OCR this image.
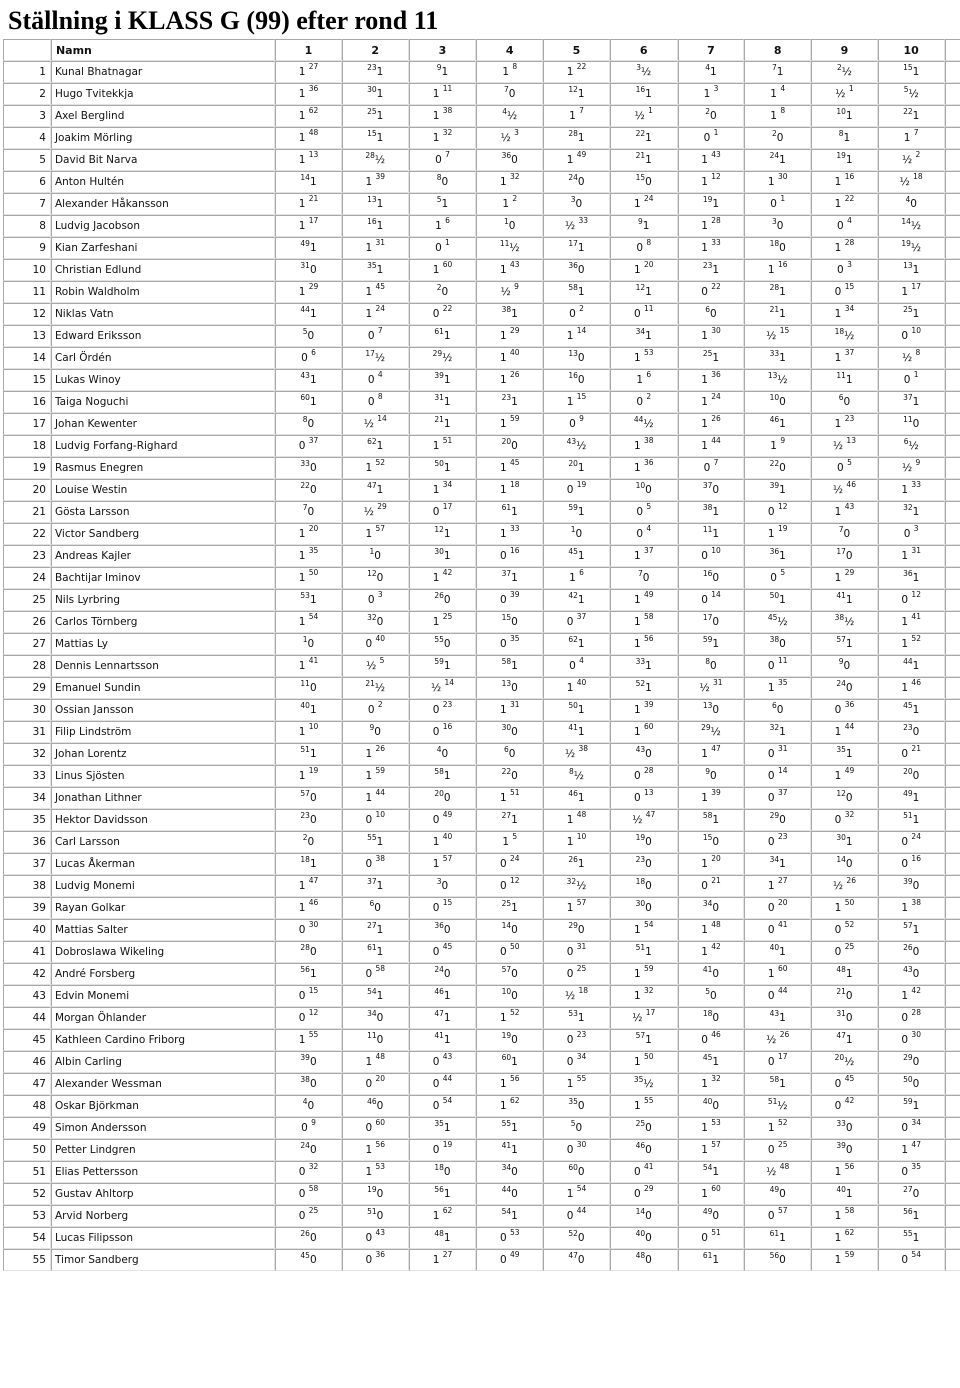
Ställning i KLASS G (99) efter rond 11
	Namn	1	2	3	4	5	6	7	8	9	10	
1	Kunal Bhatnagar	1 $^{27}$	$^{23}$1	$^9$1	1 $^8$	1 $^{22}$	$^3$½	$^4$1	$^7$1	$^2$½	$^{15}$1	
2	Hugo Tvitekkja	1 $^{36}$	$^{30}$1	1 $^{11}$	$^7$0	$^{12}$1	$^{16}$1	1 $^3$	1 $^4$	½ $^1$	$^5$½	
3	Axel Berglind	1 $^{62}$	$^{25}$1	1 $^{38}$	$^4$½	1 $^7$	½ $^1$	$^2$0	1 $^8$	$^{10}$1	$^{22}$1	
4	Joakim Mörling	1 $^{48}$	$^{15}$1	1 $^{32}$	½ $^3$	$^{28}$1	$^{22}$1	0 $^1$	$^2$0	$^8$1	1 $^7$	
5	David Bit Narva	1 $^{13}$	$^{28}$½	0 $^7$	$^{36}$0	1 $^{49}$	$^{21}$1	1 $^{43}$	$^{24}$1	$^{19}$1	½ $^2$	
6	Anton Hultén	$^{14}$1	1 $^{39}$	$^8$0	1 $^{32}$	$^{24}$0	$^{15}$0	1 $^{12}$	1 $^{30}$	1 $^{16}$	½ $^{18}$	
7	Alexander Håkansson	1 $^{21}$	$^{13}$1	$^5$1	1 $^2$	$^3$0	1 $^{24}$	$^{19}$1	0 $^1$	1 $^{22}$	$^4$0	
8	Ludvig Jacobson	1 $^{17}$	$^{16}$1	1 $^6$	$^1$0	½ $^{33}$	$^9$1	1 $^{28}$	$^3$0	0 $^4$	$^{14}$½	
9	Kian Zarfeshani	$^{49}$1	1 $^{31}$	0 $^1$	$^{11}$½	$^{17}$1	0 $^8$	1 $^{33}$	$^{18}$0	1 $^{28}$	$^{19}$½	
10	Christian Edlund	$^{31}$0	$^{35}$1	1 $^{60}$	1 $^{43}$	$^{36}$0	1 $^{20}$	$^{23}$1	1 $^{16}$	0 $^3$	$^{13}$1	
11	Robin Waldholm	1 $^{29}$	1 $^{45}$	$^2$0	½ $^9$	$^{58}$1	$^{12}$1	0 $^{22}$	$^{28}$1	0 $^{15}$	1 $^{17}$	
12	Niklas Vatn	$^{44}$1	1 $^{24}$	0 $^{22}$	$^{38}$1	0 $^2$	0 $^{11}$	$^6$0	$^{21}$1	1 $^{34}$	$^{25}$1	
13	Edward Eriksson	$^5$0	0 $^7$	$^{61}$1	1 $^{29}$	1 $^{14}$	$^{34}$1	1 $^{30}$	½ $^{15}$	$^{18}$½	0 $^{10}$	
14	Carl Ördén	0 $^6$	$^{17}$½	$^{29}$½	1 $^{40}$	$^{13}$0	1 $^{53}$	$^{25}$1	$^{33}$1	1 $^{37}$	½ $^8$	
15	Lukas Winoy	$^{43}$1	0 $^4$	$^{39}$1	1 $^{26}$	$^{16}$0	1 $^6$	1 $^{36}$	$^{13}$½	$^{11}$1	0 $^1$	
16	Taiga Noguchi	$^{60}$1	0 $^8$	$^{31}$1	$^{23}$1	1 $^{15}$	0 $^2$	1 $^{24}$	$^{10}$0	$^6$0	$^{37}$1	
17	Johan Kewenter	$^8$0	½ $^{14}$	$^{21}$1	1 $^{59}$	0 $^9$	$^{44}$½	1 $^{26}$	$^{46}$1	1 $^{23}$	$^{11}$0	
18	Ludvig Forfang-Righard	0 $^{37}$	$^{62}$1	1 $^{51}$	$^{20}$0	$^{43}$½	1 $^{38}$	1 $^{44}$	1 $^9$	½ $^{13}$	$^6$½	
19	Rasmus Enegren	$^{33}$0	1 $^{52}$	$^{50}$1	1 $^{45}$	$^{20}$1	1 $^{36}$	0 $^7$	$^{22}$0	0 $^5$	½ $^9$	
20	Louise Westin	$^{22}$0	$^{47}$1	1 $^{34}$	1 $^{18}$	0 $^{19}$	$^{10}$0	$^{37}$0	$^{39}$1	½ $^{46}$	1 $^{33}$	
21	Gösta Larsson	$^7$0	½ $^{29}$	0 $^{17}$	$^{61}$1	$^{59}$1	0 $^5$	$^{38}$1	0 $^{12}$	1 $^{43}$	$^{32}$1	
22	Victor Sandberg	1 $^{20}$	1 $^{57}$	$^{12}$1	1 $^{33}$	$^1$0	0 $^4$	$^{11}$1	1 $^{19}$	$^7$0	0 $^3$	
23	Andreas Kajler	1 $^{35}$	$^1$0	$^{30}$1	0 $^{16}$	$^{45}$1	1 $^{37}$	0 $^{10}$	$^{36}$1	$^{17}$0	1 $^{31}$	
24	Bachtijar Iminov	1 $^{50}$	$^{12}$0	1 $^{42}$	$^{37}$1	1 $^6$	$^7$0	$^{16}$0	0 $^5$	1 $^{29}$	$^{36}$1	
25	Nils Lyrbring	$^{53}$1	0 $^3$	$^{26}$0	0 $^{39}$	$^{42}$1	1 $^{49}$	0 $^{14}$	$^{50}$1	$^{41}$1	0 $^{12}$	
26	Carlos Törnberg	1 $^{54}$	$^{32}$0	1 $^{25}$	$^{15}$0	0 $^{37}$	1 $^{58}$	$^{17}$0	$^{45}$½	$^{38}$½	1 $^{41}$	
27	Mattias Ly	$^1$0	0 $^{40}$	$^{55}$0	0 $^{35}$	$^{62}$1	1 $^{56}$	$^{59}$1	$^{38}$0	$^{57}$1	1 $^{52}$	
28	Dennis Lennartsson	1 $^{41}$	½ $^5$	$^{59}$1	$^{58}$1	0 $^4$	$^{33}$1	$^8$0	0 $^{11}$	$^9$0	$^{44}$1	
29	Emanuel Sundin	$^{11}$0	$^{21}$½	½ $^{14}$	$^{13}$0	1 $^{40}$	$^{52}$1	½ $^{31}$	1 $^{35}$	$^{24}$0	1 $^{46}$	
30	Ossian Jansson	$^{40}$1	0 $^2$	0 $^{23}$	1 $^{31}$	$^{50}$1	1 $^{39}$	$^{13}$0	$^6$0	0 $^{36}$	$^{45}$1	
31	Filip Lindström	1 $^{10}$	$^9$0	0 $^{16}$	$^{30}$0	$^{41}$1	1 $^{60}$	$^{29}$½	$^{32}$1	1 $^{44}$	$^{23}$0	
32	Johan Lorentz	$^{51}$1	1 $^{26}$	$^4$0	$^6$0	½ $^{38}$	$^{43}$0	1 $^{47}$	0 $^{31}$	$^{35}$1	0 $^{21}$	
33	Linus Sjösten	1 $^{19}$	1 $^{59}$	$^{58}$1	$^{22}$0	$^8$½	0 $^{28}$	$^9$0	0 $^{14}$	1 $^{49}$	$^{20}$0	
34	Jonathan Lithner	$^{57}$0	1 $^{44}$	$^{20}$0	1 $^{51}$	$^{46}$1	0 $^{13}$	1 $^{39}$	0 $^{37}$	$^{12}$0	$^{49}$1	
35	Hektor Davidsson	$^{23}$0	0 $^{10}$	0 $^{49}$	$^{27}$1	1 $^{48}$	½ $^{47}$	$^{58}$1	$^{29}$0	0 $^{32}$	$^{51}$1	
36	Carl Larsson	$^2$0	$^{55}$1	1 $^{40}$	1 $^5$	1 $^{10}$	$^{19}$0	$^{15}$0	0 $^{23}$	$^{30}$1	0 $^{24}$	
37	Lucas Åkerman	$^{18}$1	0 $^{38}$	1 $^{57}$	0 $^{24}$	$^{26}$1	$^{23}$0	1 $^{20}$	$^{34}$1	$^{14}$0	0 $^{16}$	
38	Ludvig Monemi	1 $^{47}$	$^{37}$1	$^3$0	0 $^{12}$	$^{32}$½	$^{18}$0	0 $^{21}$	1 $^{27}$	½ $^{26}$	$^{39}$0	
39	Rayan Golkar	1 $^{46}$	$^6$0	0 $^{15}$	$^{25}$1	1 $^{57}$	$^{30}$0	$^{34}$0	0 $^{20}$	1 $^{50}$	1 $^{38}$	
40	Mattias Salter	0 $^{30}$	$^{27}$1	$^{36}$0	$^{14}$0	$^{29}$0	1 $^{54}$	1 $^{48}$	0 $^{41}$	0 $^{52}$	$^{57}$1	
41	Dobroslawa Wikeling	$^{28}$0	$^{61}$1	0 $^{45}$	0 $^{50}$	0 $^{31}$	$^{51}$1	1 $^{42}$	$^{40}$1	0 $^{25}$	$^{26}$0	
42	André Forsberg	$^{56}$1	0 $^{58}$	$^{24}$0	$^{57}$0	0 $^{25}$	1 $^{59}$	$^{41}$0	1 $^{60}$	$^{48}$1	$^{43}$0	
43	Edvin Monemi	0 $^{15}$	$^{54}$1	$^{46}$1	$^{10}$0	½ $^{18}$	1 $^{32}$	$^5$0	0 $^{44}$	$^{21}$0	1 $^{42}$	
44	Morgan Öhlander	0 $^{12}$	$^{34}$0	$^{47}$1	1 $^{52}$	$^{53}$1	½ $^{17}$	$^{18}$0	$^{43}$1	$^{31}$0	0 $^{28}$	
45	Kathleen Cardino Friborg	1 $^{55}$	$^{11}$0	$^{41}$1	$^{19}$0	0 $^{23}$	$^{57}$1	0 $^{46}$	½ $^{26}$	$^{47}$1	0 $^{30}$	
46	Albin Carling	$^{39}$0	1 $^{48}$	0 $^{43}$	$^{60}$1	0 $^{34}$	1 $^{50}$	$^{45}$1	0 $^{17}$	$^{20}$½	$^{29}$0	
47	Alexander Wessman	$^{38}$0	0 $^{20}$	0 $^{44}$	1 $^{56}$	1 $^{55}$	$^{35}$½	1 $^{32}$	$^{58}$1	0 $^{45}$	$^{50}$0	
48	Oskar Björkman	$^4$0	$^{46}$0	0 $^{54}$	1 $^{62}$	$^{35}$0	1 $^{55}$	$^{40}$0	$^{51}$½	0 $^{42}$	$^{59}$1	
49	Simon Andersson	0 $^9$	0 $^{60}$	$^{35}$1	$^{55}$1	$^5$0	$^{25}$0	1 $^{53}$	1 $^{52}$	$^{33}$0	0 $^{34}$	
50	Petter Lindgren	$^{24}$0	1 $^{56}$	0 $^{19}$	$^{41}$1	0 $^{30}$	$^{46}$0	1 $^{57}$	0 $^{25}$	$^{39}$0	1 $^{47}$	
51	Elias Pettersson	0 $^{32}$	1 $^{53}$	$^{18}$0	$^{34}$0	$^{60}$0	0 $^{41}$	$^{54}$1	½ $^{48}$	1 $^{56}$	0 $^{35}$	
52	Gustav Ahltorp	0 $^{58}$	$^{19}$0	$^{56}$1	$^{44}$0	1 $^{54}$	0 $^{29}$	1 $^{60}$	$^{49}$0	$^{40}$1	$^{27}$0	
53	Arvid Norberg	0 $^{25}$	$^{51}$0	1 $^{62}$	$^{54}$1	0 $^{44}$	$^{14}$0	$^{49}$0	0 $^{57}$	1 $^{58}$	$^{56}$1	
54	Lucas Filipsson	$^{26}$0	0 $^{43}$	$^{48}$1	0 $^{53}$	$^{52}$0	$^{40}$0	0 $^{51}$	$^{61}$1	1 $^{62}$	$^{55}$1	
55	Timor Sandberg	$^{45}$0	0 $^{36}$	1 $^{27}$	0 $^{49}$	$^{47}$0	$^{48}$0	$^{61}$1	$^{56}$0	1 $^{59}$	0 $^{54}$	
